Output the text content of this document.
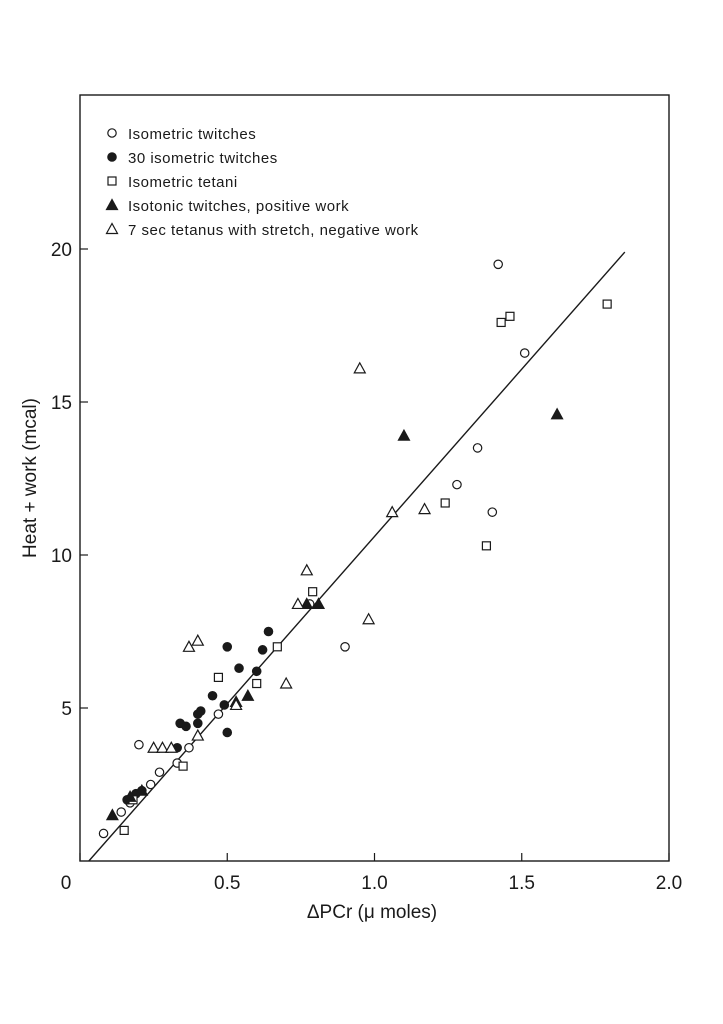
0	0.5	1.0	1.5	2.0
5
10
15
20
Isometric twitches
30 isometric twitches
Isometric tetani
Isotonic twitches, positive work
7 sec tetanus with stretch, negative work
ΔPCr (μ moles)
Heat + work (mcal)
